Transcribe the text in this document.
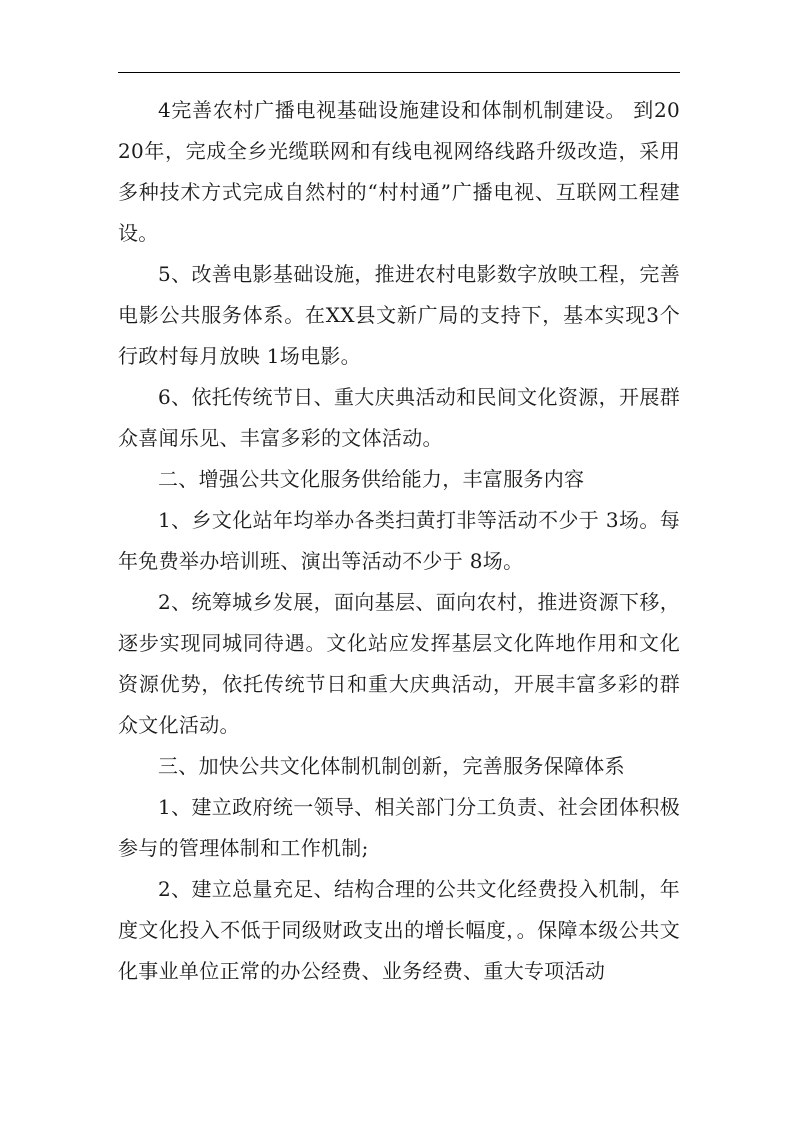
4完善农村广播电视基础设施建设和体制机制建设。 到2020年，完成全乡光缆联网和有线电视网络线路升级改造，采用多种技术方式完成自然村的“村村通”广播电视、互联网工程建设。

5、改善电影基础设施，推进农村电影数字放映工程，完善电影公共服务体系。在XX县文新广局的支持下，基本实现3个行政村每月放映 1场电影。

6、依托传统节日、重大庆典活动和民间文化资源，开展群众喜闻乐见、丰富多彩的文体活动。

二、增强公共文化服务供给能力，丰富服务内容

1、乡文化站年均举办各类扫黄打非等活动不少于 3场。每年免费举办培训班、演出等活动不少于 8场。

2、统筹城乡发展，面向基层、面向农村，推进资源下移，逐步实现同城同待遇。文化站应发挥基层文化阵地作用和文化资源优势，依托传统节日和重大庆典活动，开展丰富多彩的群众文化活动。

三、加快公共文化体制机制创新，完善服务保障体系

1、建立政府统一领导、相关部门分工负责、社会团体积极参与的管理体制和工作机制;

2、建立总量充足、结构合理的公共文化经费投入机制，年度文化投入不低于同级财政支出的增长幅度，。保障本级公共文化事业单位正常的办公经费、业务经费、重大专项活动
